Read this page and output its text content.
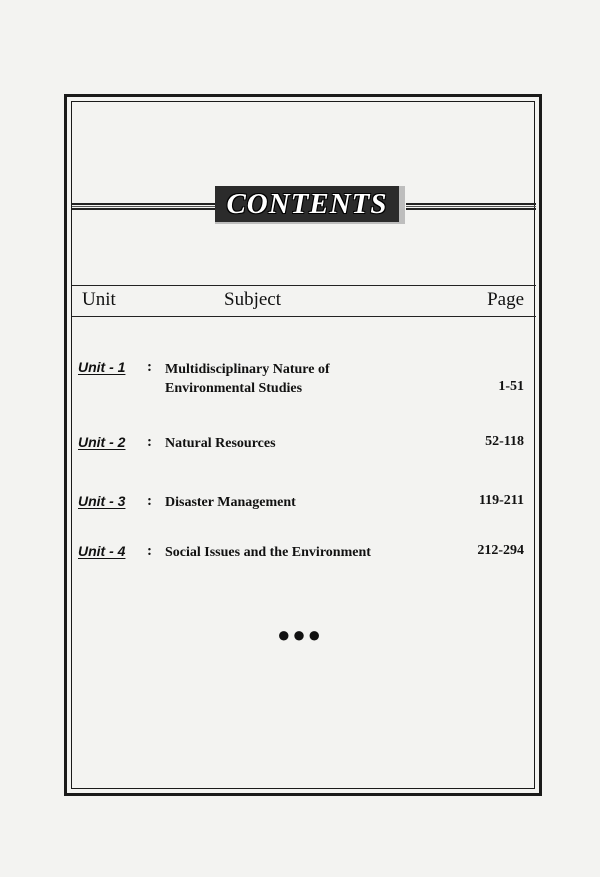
CONTENTS
Unit	Subject	Page
Unit - 1 : Multidisciplinary Nature of
Environmental Studies	1-51
Unit - 2 : Natural Resources	52-118
Unit - 3 : Disaster Management	119-211
Unit - 4 : Social Issues and the Environment	212-294
●●●
